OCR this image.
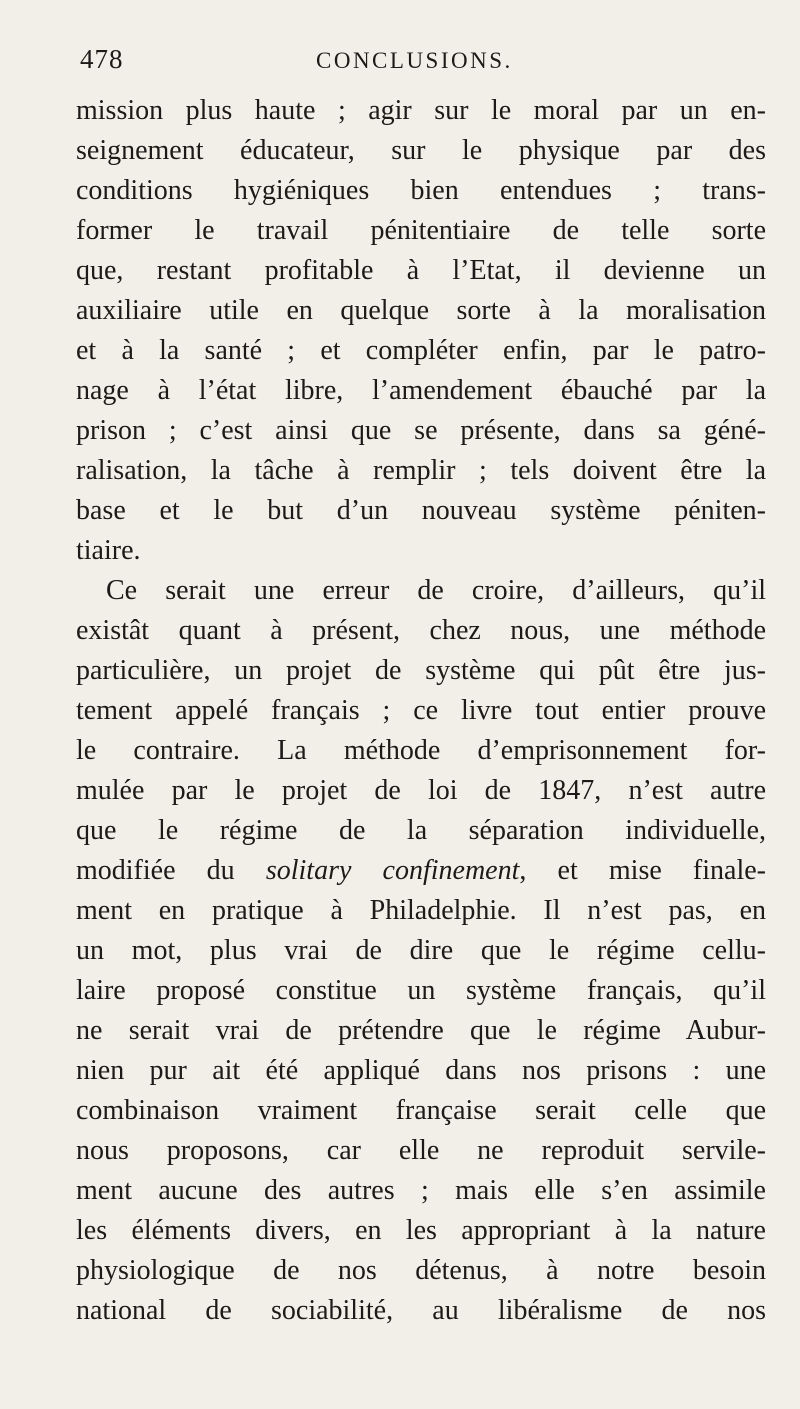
478	CONCLUSIONS.
mission plus haute ; agir sur le moral par un en-
seignement éducateur, sur le physique par des
conditions hygiéniques bien entendues ; trans-
former le travail pénitentiaire de telle sorte
que, restant profitable à l’Etat, il devienne un
auxiliaire utile en quelque sorte à la moralisation
et à la santé ; et compléter enfin, par le patro-
nage à l’état libre, l’amendement ébauché par la
prison ; c’est ainsi que se présente, dans sa géné-
ralisation, la tâche à remplir ; tels doivent être la
base et le but d’un nouveau système péniten-
tiaire.
Ce serait une erreur de croire, d’ailleurs, qu’il
existât quant à présent, chez nous, une méthode
particulière, un projet de système qui pût être jus-
tement appelé français ; ce livre tout entier prouve
le contraire. La méthode d’emprisonnement for-
mulée par le projet de loi de 1847, n’est autre
que le régime de la séparation individuelle,
modifiée du solitary confinement, et mise finale-
ment en pratique à Philadelphie. Il n’est pas, en
un mot, plus vrai de dire que le régime cellu-
laire proposé constitue un système français, qu’il
ne serait vrai de prétendre que le régime Aubur-
nien pur ait été appliqué dans nos prisons : une
combinaison vraiment française serait celle que
nous proposons, car elle ne reproduit servile-
ment aucune des autres ; mais elle s’en assimile
les éléments divers, en les appropriant à la nature
physiologique de nos détenus, à notre besoin
national de sociabilité, au libéralisme de nos
